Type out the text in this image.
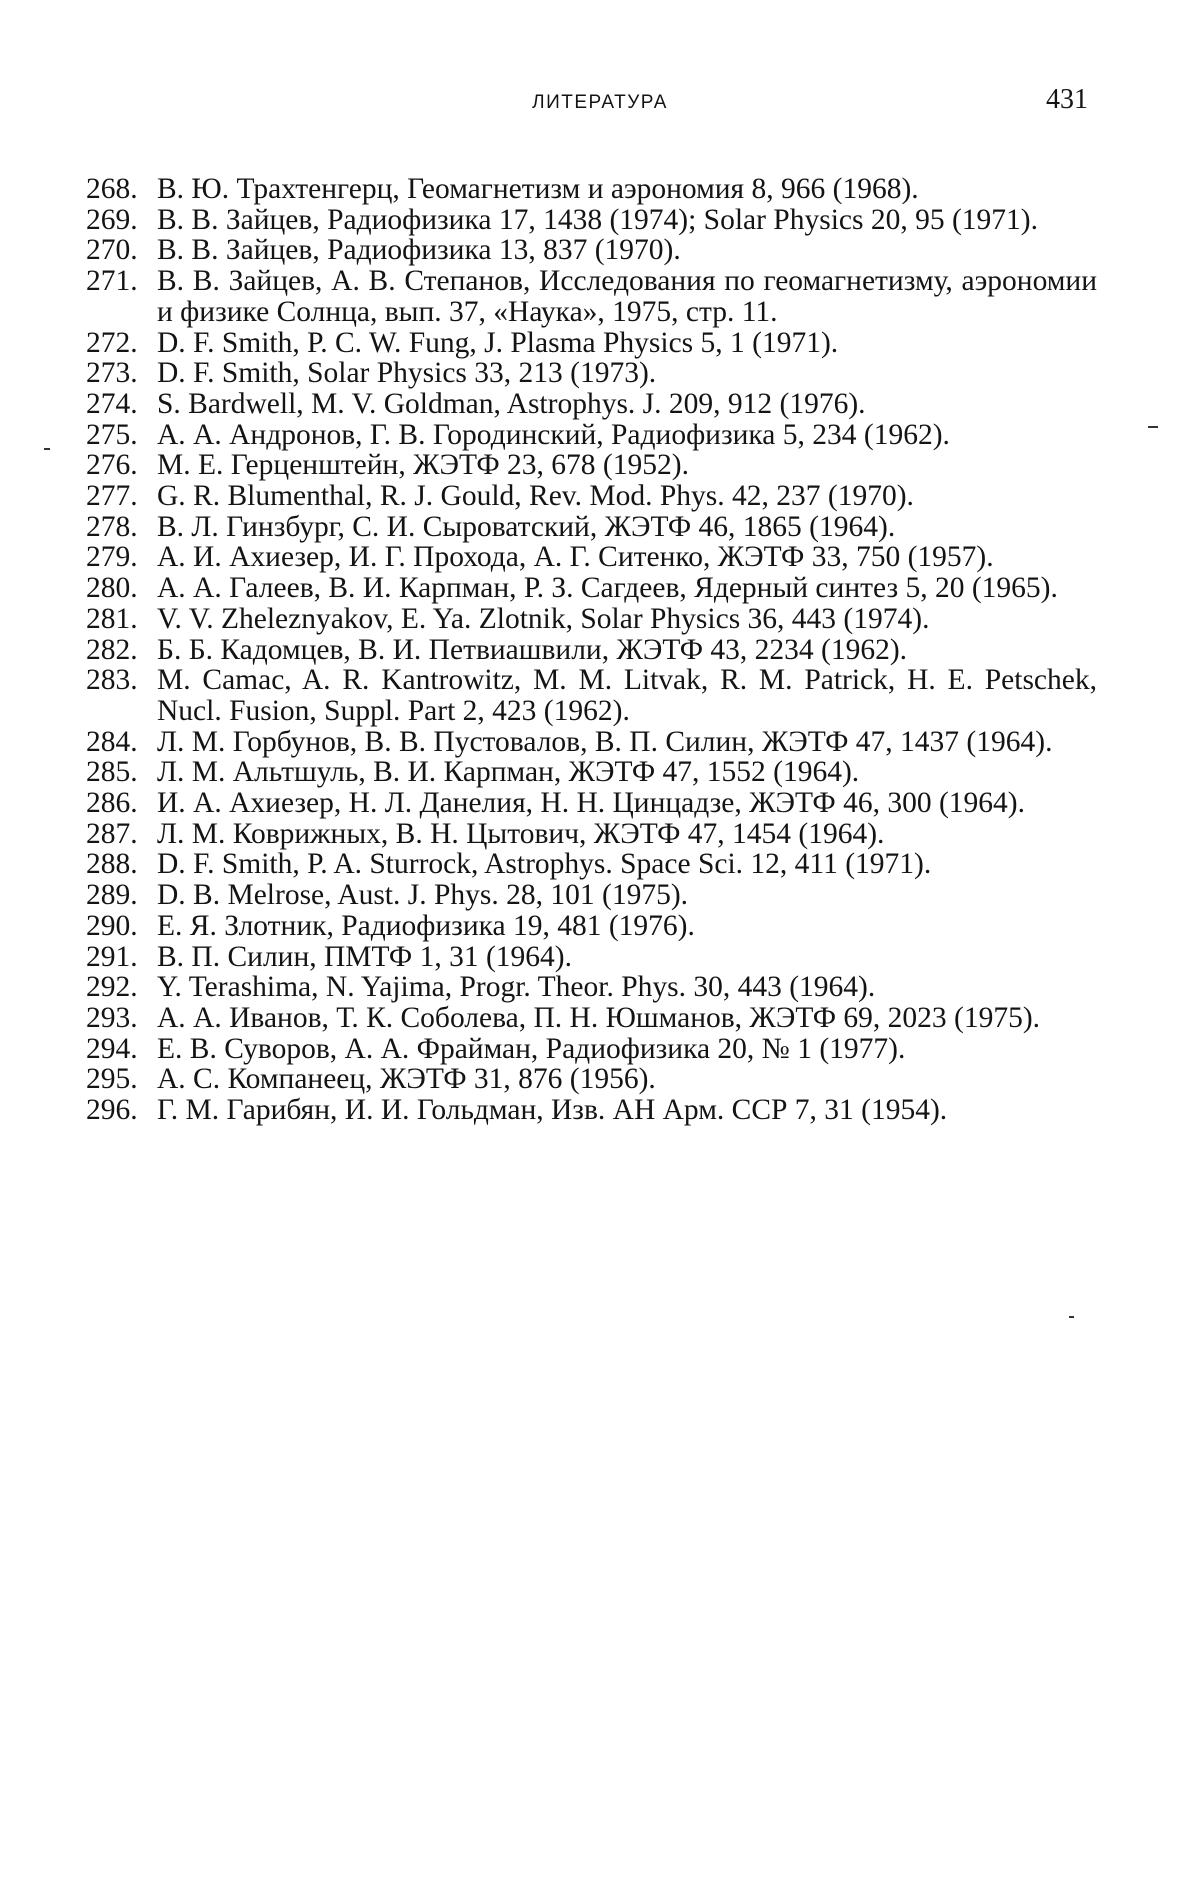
ЛИТЕРАТУРА	431
268. В. Ю. Трахтенгерц, Геомагнетизм и аэрономия 8, 966 (1968).
269. В. В. Зайцев, Радиофизика 17, 1438 (1974); Solar Physics 20, 95 (1971).
270. В. В. Зайцев, Радиофизика 13, 837 (1970).
271. В. В. Зайцев, А. В. Степанов, Исследования по геомагнетизму, аэрономии и физике Солнца, вып. 37, «Наука», 1975, стр. 11.
272. D. F. Smith, P. C. W. Fung, J. Plasma Physics 5, 1 (1971).
273. D. F. Smith, Solar Physics 33, 213 (1973).
274. S. Bardwell, M. V. Goldman, Astrophys. J. 209, 912 (1976).
275. А. А. Андронов, Г. В. Городинский, Радиофизика 5, 234 (1962).
276. М. Е. Герценштейн, ЖЭТФ 23, 678 (1952).
277. G. R. Blumenthal, R. J. Gould, Rev. Mod. Phys. 42, 237 (1970).
278. В. Л. Гинзбург, С. И. Сыроватский, ЖЭТФ 46, 1865 (1964).
279. А. И. Ахиезер, И. Г. Прохода, А. Г. Ситенко, ЖЭТФ 33, 750 (1957).
280. А. А. Галеев, В. И. Карпман, Р. З. Сагдеев, Ядерный синтез 5, 20 (1965).
281. V. V. Zheleznyakov, E. Ya. Zlotnik, Solar Physics 36, 443 (1974).
282. Б. Б. Кадомцев, В. И. Петвиашвили, ЖЭТФ 43, 2234 (1962).
283. M. Camac, A. R. Kantrowitz, M. M. Litvak, R. M. Patrick, H. E. Petschek, Nucl. Fusion, Suppl. Part 2, 423 (1962).
284. Л. М. Горбунов, В. В. Пустовалов, В. П. Силин, ЖЭТФ 47, 1437 (1964).
285. Л. М. Альтшуль, В. И. Карпман, ЖЭТФ 47, 1552 (1964).
286. И. А. Ахиезер, Н. Л. Данелия, Н. Н. Цинцадзе, ЖЭТФ 46, 300 (1964).
287. Л. М. Коврижных, В. Н. Цытович, ЖЭТФ 47, 1454 (1964).
288. D. F. Smith, P. A. Sturrock, Astrophys. Space Sci. 12, 411 (1971).
289. D. B. Melrose, Aust. J. Phys. 28, 101 (1975).
290. Е. Я. Злотник, Радиофизика 19, 481 (1976).
291. В. П. Силин, ПМТФ 1, 31 (1964).
292. Y. Terashima, N. Yajima, Progr. Theor. Phys. 30, 443 (1964).
293. А. А. Иванов, Т. К. Соболева, П. Н. Юшманов, ЖЭТФ 69, 2023 (1975).
294. Е. В. Суворов, А. А. Фрайман, Радиофизика 20, № 1 (1977).
295. А. С. Компанеец, ЖЭТФ 31, 876 (1956).
296. Г. М. Гарибян, И. И. Гольдман, Изв. АН Арм. ССР 7, 31 (1954).
